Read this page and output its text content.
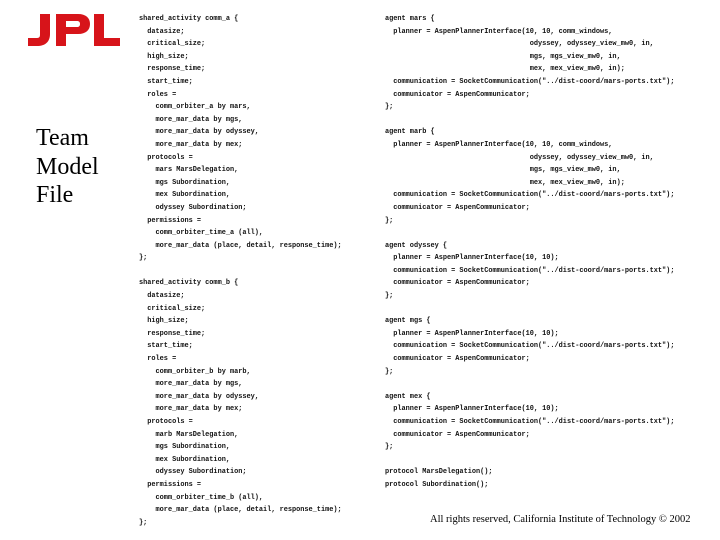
Team
Model
File
shared_activity comm_a {
datasize;
critical_size;
high_size;
response_time;
start_time;
roles =
comm_orbiter_a by mars,
more_mar_data by mgs,
more_mar_data by odyssey,
more_mar_data by mex;
protocols =
mars MarsDelegation,
mgs Subordination,
mex Subordination,
odyssey Subordination;
permissions =
comm_orbiter_time_a (all),
more_mar_data (place, detail, response_time);
};
shared_activity comm_b {
datasize;
critical_size;
high_size;
response_time;
start_time;
roles =
comm_orbiter_b by marb,
more_mar_data by mgs,
more_mar_data by odyssey,
more_mar_data by mex;
protocols =
marb MarsDelegation,
mgs Subordination,
mex Subordination,
odyssey Subordination;
permissions =
comm_orbiter_time_b (all),
more_mar_data (place, detail, response_time);
};
agent mars {
planner = AspenPlannerInterface(10, 10, comm_windows,
odyssey, odyssey_view_mw0, in,
mgs, mgs_view_mw0, in,
mex, mex_view_mw0, in);
communication = SocketCommunication("../dist-coord/mars-ports.txt");
communicator = AspenCommunicator;
};
agent marb {
planner = AspenPlannerInterface(10, 10, comm_windows,
odyssey, odyssey_view_mw0, in,
mgs, mgs_view_mw0, in,
mex, mex_view_mw0, in);
communication = SocketCommunication("../dist-coord/mars-ports.txt");
communicator = AspenCommunicator;
};
agent odyssey {
planner = AspenPlannerInterface(10, 10);
communication = SocketCommunication("../dist-coord/mars-ports.txt");
communicator = AspenCommunicator;
};
agent mgs {
planner = AspenPlannerInterface(10, 10);
communication = SocketCommunication("../dist-coord/mars-ports.txt");
communicator = AspenCommunicator;
};
agent mex {
planner = AspenPlannerInterface(10, 10);
communication = SocketCommunication("../dist-coord/mars-ports.txt");
communicator = AspenCommunicator;
};
protocol MarsDelegation();
protocol Subordination();
All rights reserved, California Institute of Technology © 2002
